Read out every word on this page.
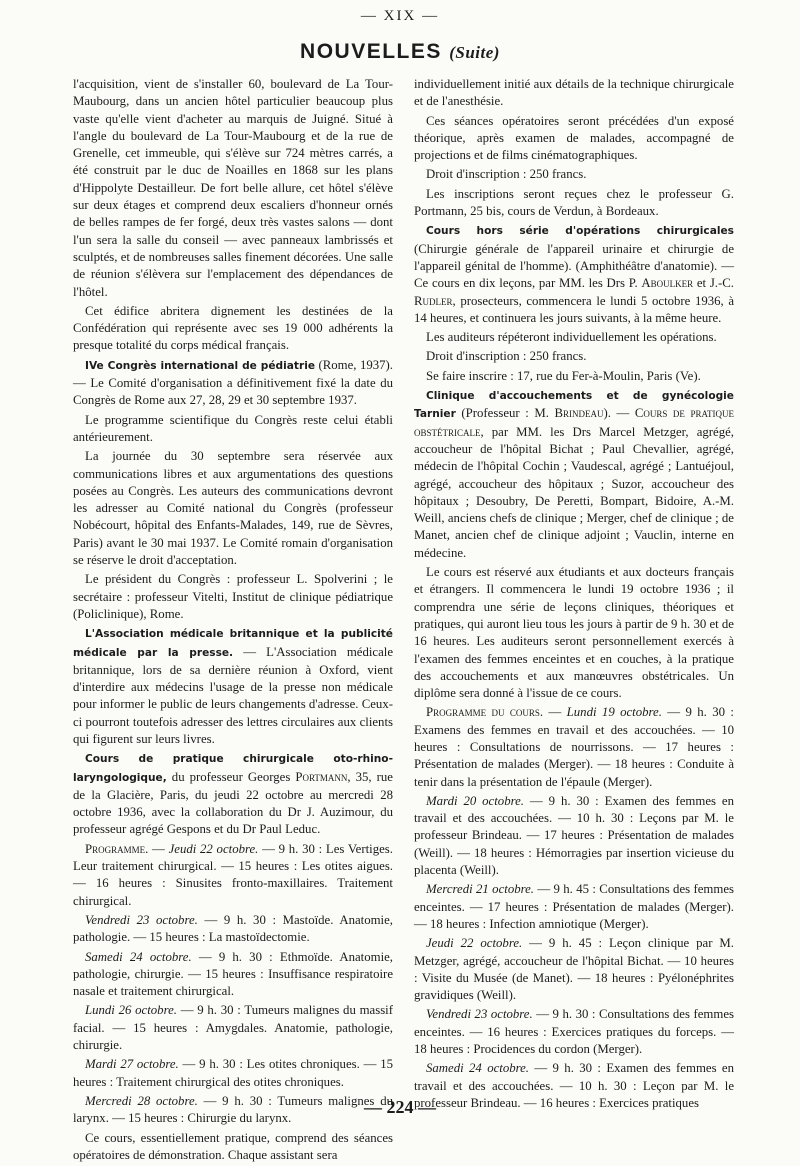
— XIX —
NOUVELLES (Suite)

l'acquisition, vient de s'installer 60, boulevard de La Tour-Maubourg, dans un ancien hôtel particulier beaucoup plus vaste qu'elle vient d'acheter au marquis de Juigné. Situé à l'angle du boulevard de La Tour-Maubourg et de la rue de Grenelle, cet immeuble, qui s'élève sur 724 mètres carrés, a été construit par le duc de Noailles en 1868 sur les plans d'Hippolyte Destailleur. De fort belle allure, cet hôtel s'élève sur deux étages et comprend deux escaliers d'honneur ornés de belles rampes de fer forgé, deux très vastes salons — dont l'un sera la salle du conseil — avec panneaux lambrissés et sculptés, et de nombreuses salles finement décorées. Une salle de réunion s'élèvera sur l'emplacement des dépendances de l'hôtel.

Cet édifice abritera dignement les destinées de la Confédération qui représente avec ses 19 000 adhérents la presque totalité du corps médical français.

IVe Congrès international de pédiatrie (Rome, 1937). — Le Comité d'organisation a définitivement fixé la date du Congrès de Rome aux 27, 28, 29 et 30 septembre 1937.

Le programme scientifique du Congrès reste celui établi antérieurement.

La journée du 30 septembre sera réservée aux communications libres et aux argumentations des questions posées au Congrès. Les auteurs des communications devront les adresser au Comité national du Congrès (professeur Nobécourt, hôpital des Enfants-Malades, 149, rue de Sèvres, Paris) avant le 30 mai 1937. Le Comité romain d'organisation se réserve le droit d'acceptation.

Le président du Congrès : professeur L. Spolverini ; le secrétaire : professeur Vitelti, Institut de clinique pédiatrique (Policlinique), Rome.

L'Association médicale britannique et la publicité médicale par la presse. — L'Association médicale britannique, lors de sa dernière réunion à Oxford, vient d'interdire aux médecins l'usage de la presse non médicale pour informer le public de leurs changements d'adresse. Ceux-ci pourront toutefois adresser des lettres circulaires aux clients qui figurent sur leurs livres.

Cours de pratique chirurgicale oto-rhino-laryngologique, du professeur Georges Portmann, 35, rue de la Glacière, Paris, du jeudi 22 octobre au mercredi 28 octobre 1936, avec la collaboration du Dr J. Auzimour, du professeur agrégé Gespons et du Dr Paul Leduc.

Programme. — Jeudi 22 octobre. — 9 h. 30 : Les Vertiges. Leur traitement chirurgical. — 15 heures : Les otites aigues. — 16 heures : Sinusites fronto-maxillaires. Traitement chirurgical.

Vendredi 23 octobre. — 9 h. 30 : Mastoïde. Anatomie, pathologie. — 15 heures : La mastoïdectomie.

Samedi 24 octobre. — 9 h. 30 : Ethmoïde. Anatomie, pathologie, chirurgie. — 15 heures : Insuffisance respiratoire nasale et traitement chirurgical.

Lundi 26 octobre. — 9 h. 30 : Tumeurs malignes du massif facial. — 15 heures : Amygdales. Anatomie, pathologie, chirurgie.

Mardi 27 octobre. — 9 h. 30 : Les otites chroniques. — 15 heures : Traitement chirurgical des otites chroniques.

Mercredi 28 octobre. — 9 h. 30 : Tumeurs malignes du larynx. — 15 heures : Chirurgie du larynx.

Ce cours, essentiellement pratique, comprend des séances opératoires de démonstration. Chaque assistant sera

individuellement initié aux détails de la technique chirurgicale et de l'anesthésie.

Ces séances opératoires seront précédées d'un exposé théorique, après examen de malades, accompagné de projections et de films cinématographiques.

Droit d'inscription : 250 francs.

Les inscriptions seront reçues chez le professeur G. Portmann, 25 bis, cours de Verdun, à Bordeaux.

Cours hors série d'opérations chirurgicales (Chirurgie générale de l'appareil urinaire et chirurgie de l'appareil génital de l'homme). (Amphithéâtre d'anatomie). — Ce cours en dix leçons, par MM. les Drs P. Aboulker et J.-C. Rudler, prosecteurs, commencera le lundi 5 octobre 1936, à 14 heures, et continuera les jours suivants, à la même heure.

Les auditeurs répéteront individuellement les opérations.

Droit d'inscription : 250 francs.

Se faire inscrire : 17, rue du Fer-à-Moulin, Paris (Ve).

Clinique d'accouchements et de gynécologie Tarnier (Professeur : M. Brindeau). — Cours de pratique obstétricale, par MM. les Drs Marcel Metzger, agrégé, accoucheur de l'hôpital Bichat ; Paul Chevallier, agrégé, médecin de l'hôpital Cochin ; Vaudescal, agrégé ; Lantuéjoul, agrégé, accoucheur des hôpitaux ; Suzor, accoucheur des hôpitaux ; Desoubry, De Peretti, Bompart, Bidoire, A.-M. Weill, anciens chefs de clinique ; Merger, chef de clinique ; de Manet, ancien chef de clinique adjoint ; Vauclin, interne en médecine.

Le cours est réservé aux étudiants et aux docteurs français et étrangers. Il commencera le lundi 19 octobre 1936 ; il comprendra une série de leçons cliniques, théoriques et pratiques, qui auront lieu tous les jours à partir de 9 h. 30 et de 16 heures. Les auditeurs seront personnellement exercés à l'examen des femmes enceintes et en couches, à la pratique des accouchements et aux manœuvres obstétricales. Un diplôme sera donné à l'issue de ce cours.

Programme du cours. — Lundi 19 octobre. — 9 h. 30 : Examens des femmes en travail et des accouchées. — 10 heures : Consultations de nourrissons. — 17 heures : Présentation de malades (Merger). — 18 heures : Conduite à tenir dans la présentation de l'épaule (Merger).

Mardi 20 octobre. — 9 h. 30 : Examen des femmes en travail et des accouchées. — 10 h. 30 : Leçons par M. le professeur Brindeau. — 17 heures : Présentation de malades (Weill). — 18 heures : Hémorragies par insertion vicieuse du placenta (Weill).

Mercredi 21 octobre. — 9 h. 45 : Consultations des femmes enceintes. — 17 heures : Présentation de malades (Merger). — 18 heures : Infection amniotique (Merger).

Jeudi 22 octobre. — 9 h. 45 : Leçon clinique par M. Metzger, agrégé, accoucheur de l'hôpital Bichat. — 10 heures : Visite du Musée (de Manet). — 18 heures : Pyélonéphrites gravidiques (Weill).

Vendredi 23 octobre. — 9 h. 30 : Consultations des femmes enceintes. — 16 heures : Exercices pratiques du forceps. — 18 heures : Procidences du cordon (Merger).

Samedi 24 octobre. — 9 h. 30 : Examen des femmes en travail et des accouchées. — 10 h. 30 : Leçon par M. le professeur Brindeau. — 16 heures : Exercices pratiques

— 224 —
